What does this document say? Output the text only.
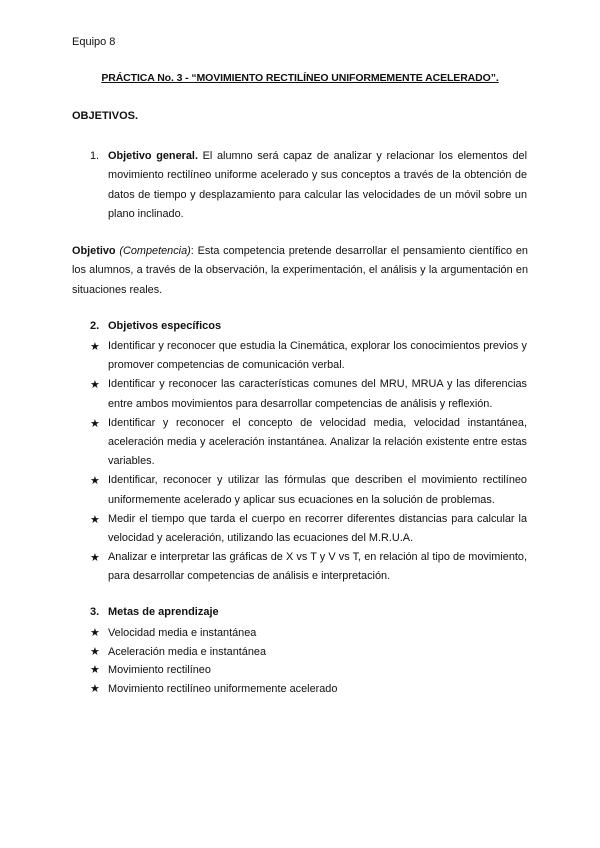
Equipo 8
PRÁCTICA No. 3 - “MOVIMIENTO RECTILÍNEO UNIFORMEMENTE ACELERADO”.
OBJETIVOS.
1. Objetivo general. El alumno será capaz de analizar y relacionar los elementos del movimiento rectilíneo uniforme acelerado y sus conceptos a través de la obtención de datos de tiempo y desplazamiento para calcular las velocidades de un móvil sobre un plano inclinado.
Objetivo (Competencia): Esta competencia pretende desarrollar el pensamiento científico en los alumnos, a través de la observación, la experimentación, el análisis y la argumentación en situaciones reales.
2. Objetivos específicos
★ Identificar y reconocer que estudia la Cinemática, explorar los conocimientos previos y promover competencias de comunicación verbal.
★ Identificar y reconocer las características comunes del MRU, MRUA y las diferencias entre ambos movimientos para desarrollar competencias de análisis y reflexión.
★ Identificar y reconocer el concepto de velocidad media, velocidad instantánea, aceleración media y aceleración instantánea. Analizar la relación existente entre estas variables.
★ Identificar, reconocer y utilizar las fórmulas que describen el movimiento rectilíneo uniformemente acelerado y aplicar sus ecuaciones en la solución de problemas.
★ Medir el tiempo que tarda el cuerpo en recorrer diferentes distancias para calcular la velocidad y aceleración, utilizando las ecuaciones del M.R.U.A.
★ Analizar e interpretar las gráficas de X vs T y V vs T, en relación al tipo de movimiento, para desarrollar competencias de análisis e interpretación.
3. Metas de aprendizaje
★ Velocidad media e instantánea
★ Aceleración media e instantánea
★ Movimiento rectilíneo
★ Movimiento rectilíneo uniformemente acelerado
